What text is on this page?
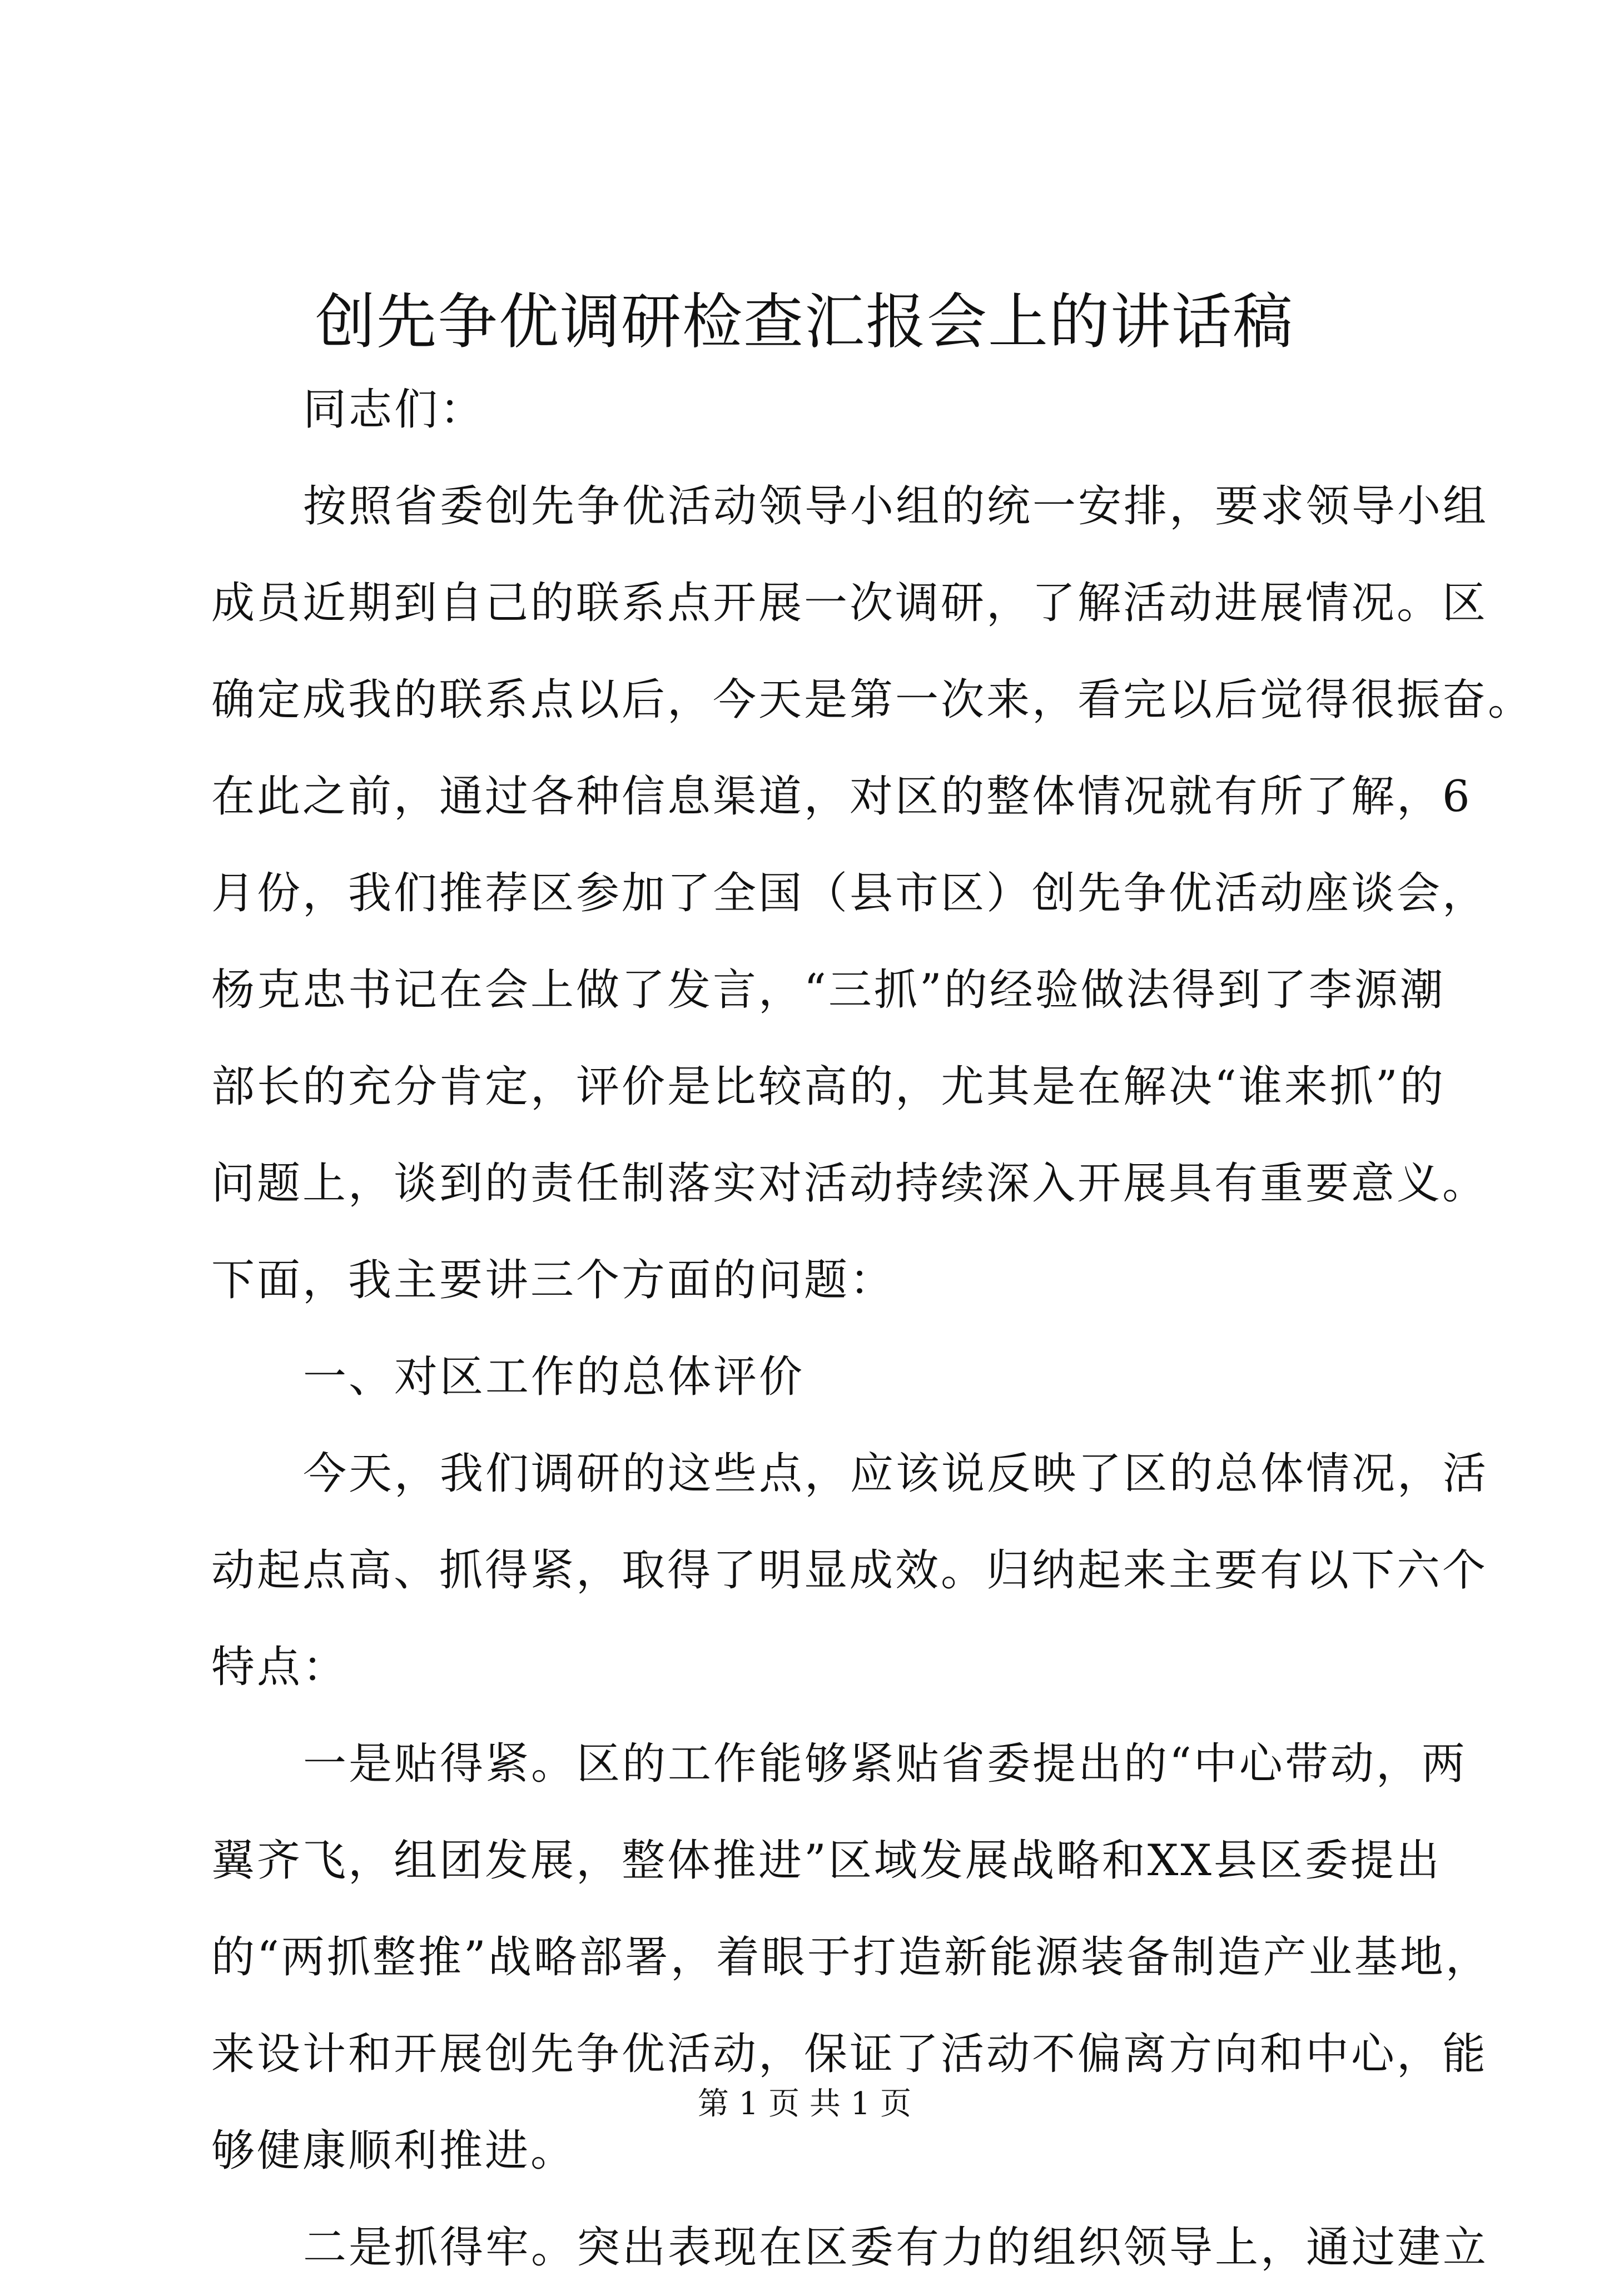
创先争优调研检查汇报会上的讲话稿
同志们：
按照省委创先争优活动领导小组的统一安排，要求领导小组
成员近期到自己的联系点开展一次调研，了解活动进展情况。区
确定成我的联系点以后，今天是第一次来，看完以后觉得很振奋。
在此之前，通过各种信息渠道，对区的整体情况就有所了解，6
月份，我们推荐区参加了全国（县市区）创先争优活动座谈会，
杨克忠书记在会上做了发言，“三抓”的经验做法得到了李源潮
部长的充分肯定，评价是比较高的，尤其是在解决“谁来抓”的
问题上，谈到的责任制落实对活动持续深入开展具有重要意义。
下面，我主要讲三个方面的问题：
一、对区工作的总体评价
今天，我们调研的这些点，应该说反映了区的总体情况，活
动起点高、抓得紧，取得了明显成效。归纳起来主要有以下六个
特点：
一是贴得紧。区的工作能够紧贴省委提出的“中心带动，两
翼齐飞，组团发展，整体推进”区域发展战略和XX县区委提出
的“两抓整推”战略部署，着眼于打造新能源装备制造产业基地，
来设计和开展创先争优活动，保证了活动不偏离方向和中心，能
够健康顺利推进。
二是抓得牢。突出表现在区委有力的组织领导上，通过建立
第 1 页 共 1 页
